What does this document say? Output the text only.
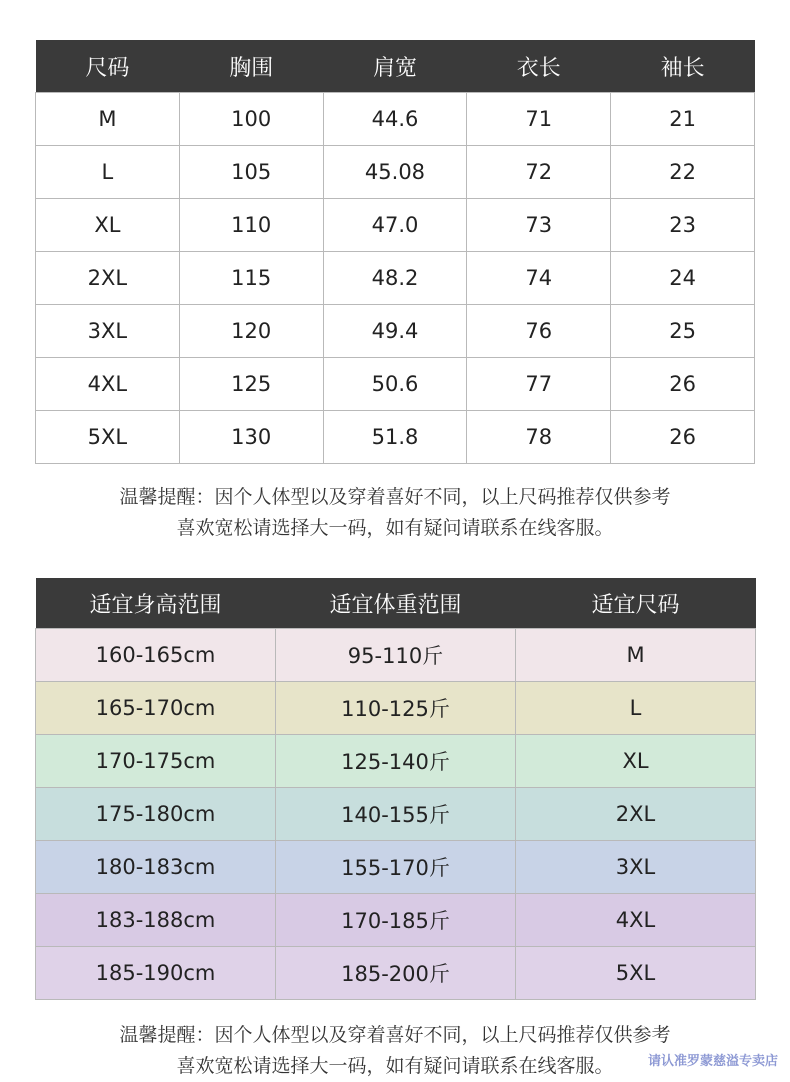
尺码	胸围	肩宽	衣长	袖长
M	100	44.6	71	21
L	105	45.08	72	22
XL	110	47.0	73	23
2XL	115	48.2	74	24
3XL	120	49.4	76	25
4XL	125	50.6	77	26
5XL	130	51.8	78	26

温馨提醒：因个人体型以及穿着喜好不同，以上尺码推荐仅供参考

喜欢宽松请选择大一码，如有疑问请联系在线客服。

适宜身高范围	适宜体重范围	适宜尺码
160-165cm	95-110斤	M
165-170cm	110-125斤	L
170-175cm	125-140斤	XL
175-180cm	140-155斤	2XL
180-183cm	155-170斤	3XL
183-188cm	170-185斤	4XL
185-190cm	185-200斤	5XL

温馨提醒：因个人体型以及穿着喜好不同，以上尺码推荐仅供参考

喜欢宽松请选择大一码，如有疑问请联系在线客服。	请认准罗蒙慈溢专卖店
